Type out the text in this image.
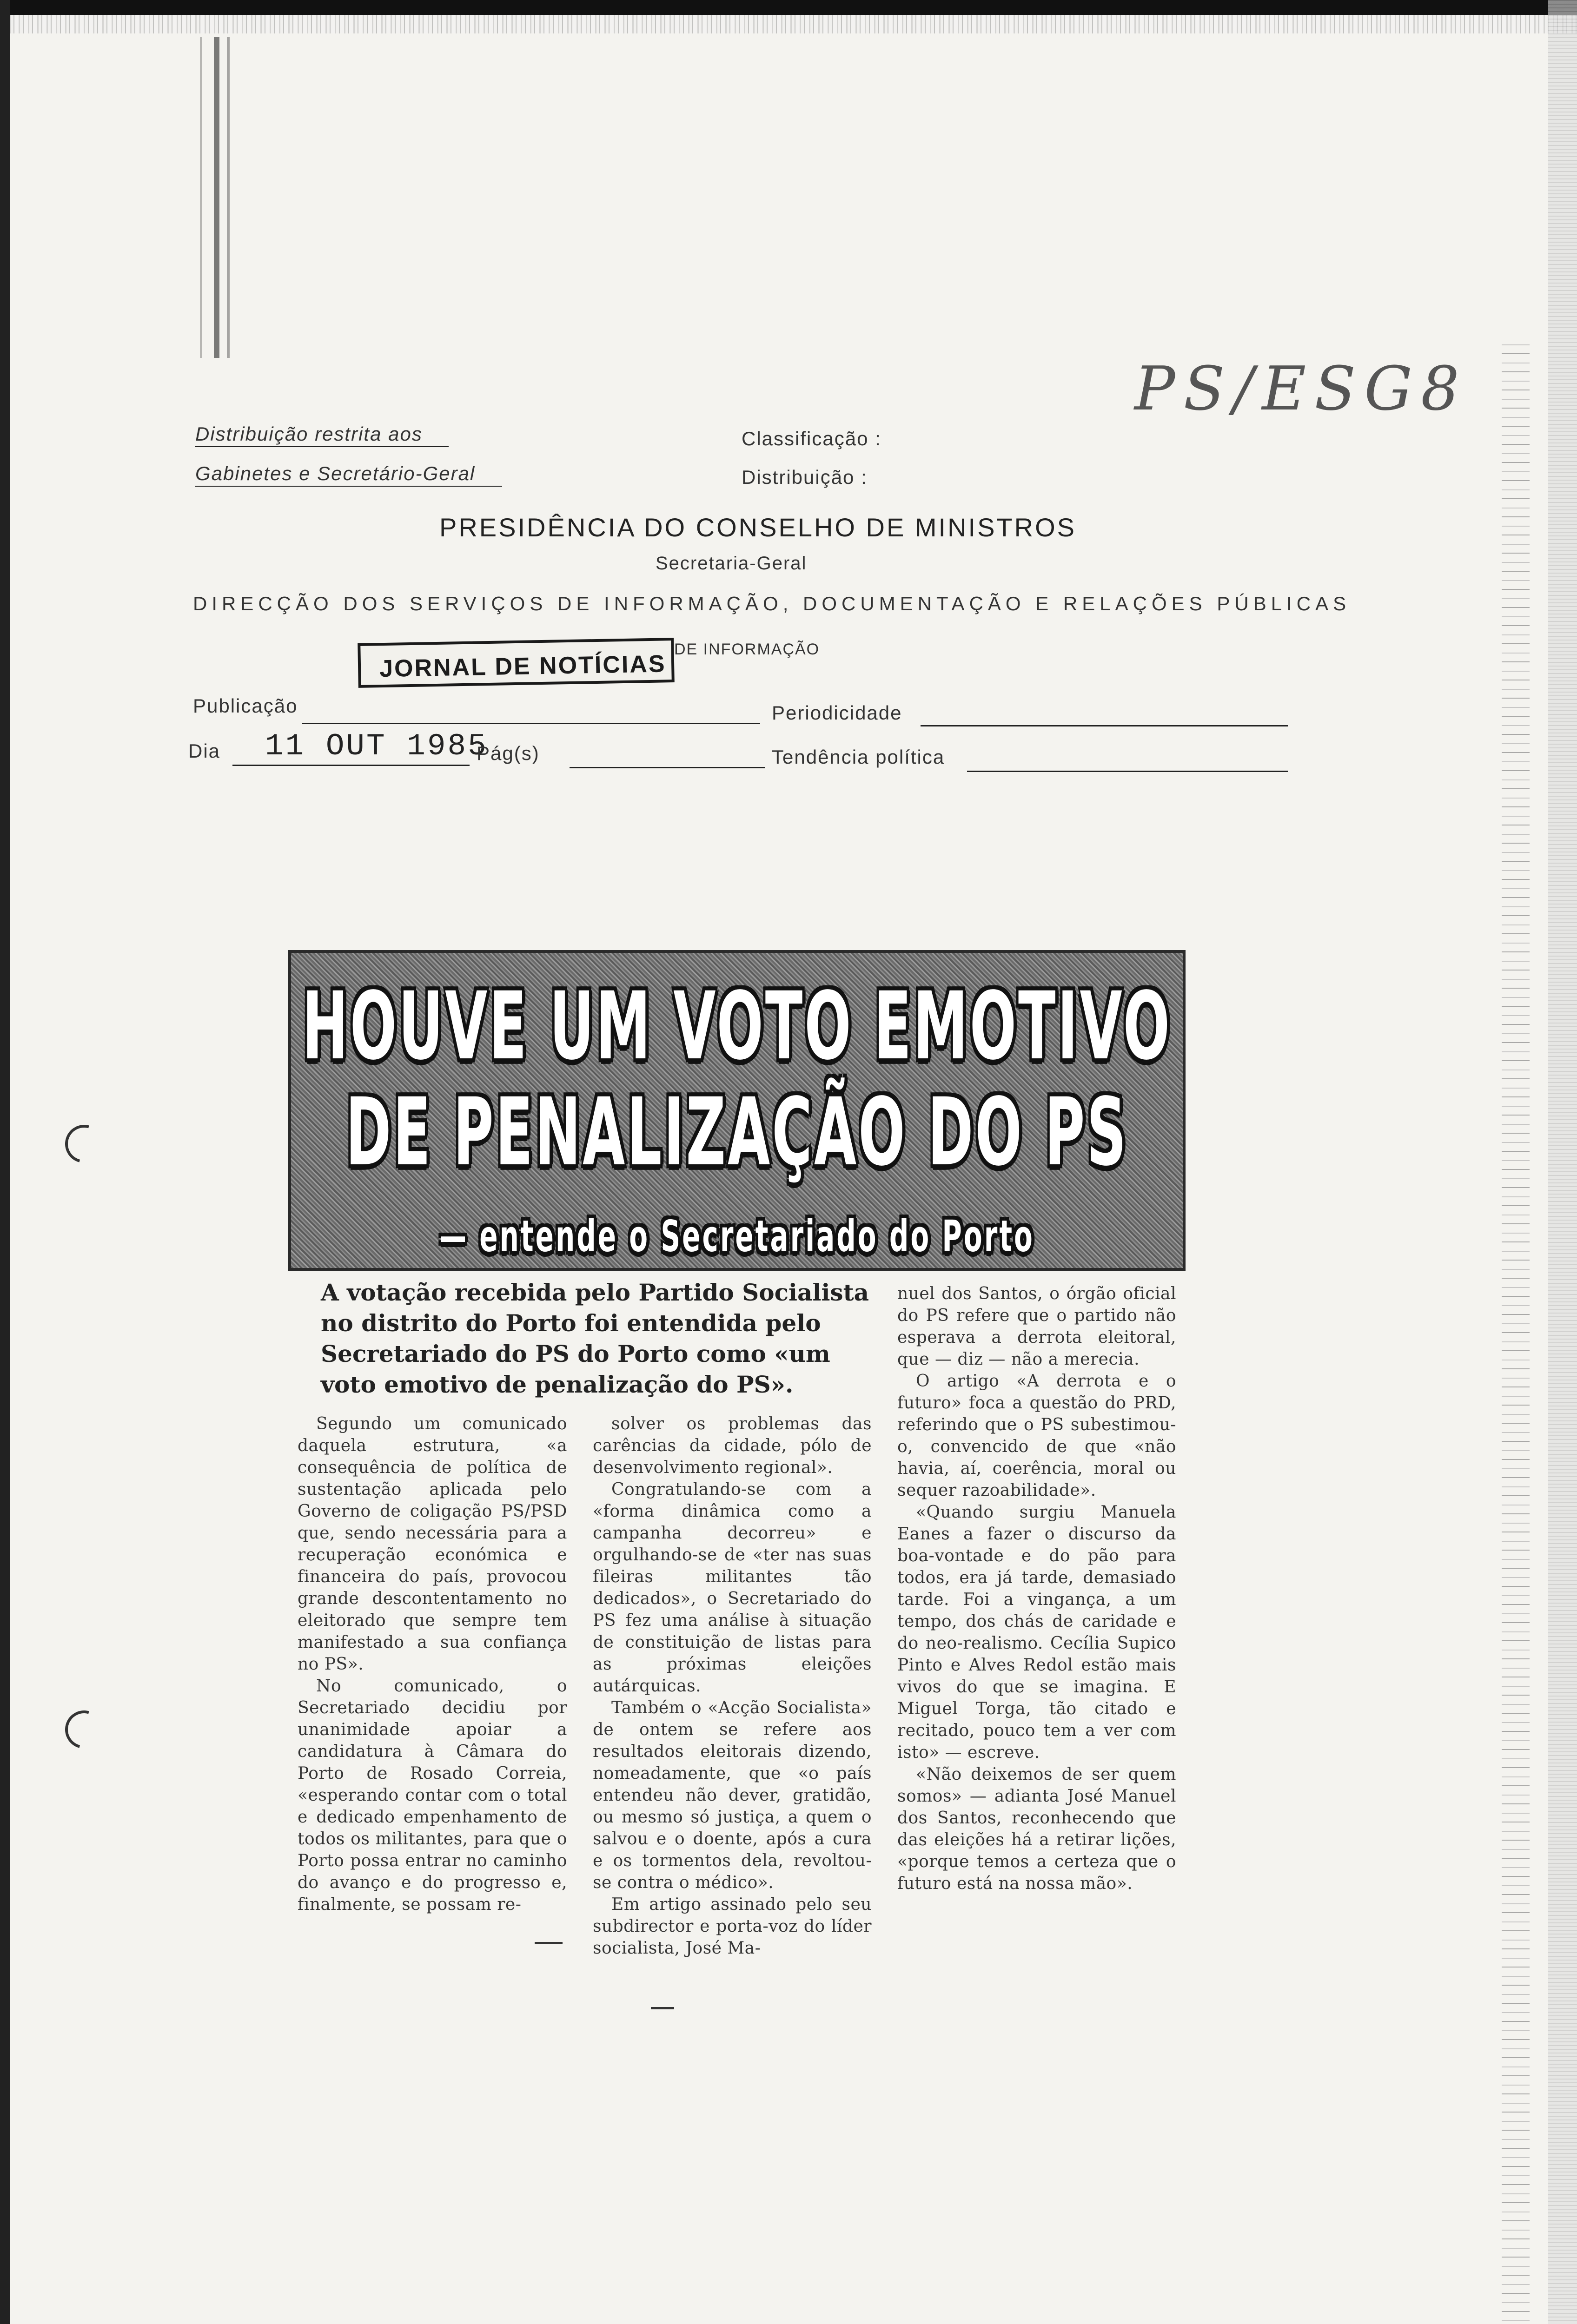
Distribuição restrita aos
Gabinetes e Secretário-Geral
Classificação :
Distribuição :
PS/ESG8
PRESIDÊNCIA DO CONSELHO DE MINISTROS
Secretaria-Geral
DIRECÇÃO DOS SERVIÇOS DE INFORMAÇÃO, DOCUMENTAÇÃO E RELAÇÕES PÚBLICAS
JORNAL DE NOTÍCIAS
DE INFORMAÇÃO
Publicação	Periodicidade
Dia 11 OUT 1985
Pág(s)	Tendência política
HOUVE UM VOTO EMOTIVO
DE PENALIZAÇÃO DO PS
— entende o Secretariado do Porto
A votação recebida pelo Partido Socialista no distrito do Porto foi entendida pelo Secretariado do PS do Porto como «um voto emotivo de penalização do PS».

Segundo um comunicado daquela estrutura, «a consequência de política de sustentação aplicada pelo Governo de coligação PS/PSD que, sendo necessária para a recuperação económica e financeira do país, provocou grande descontentamento no eleitorado que sempre tem manifestado a sua confiança no PS».

No comunicado, o Secretariado decidiu por unanimidade apoiar a candidatura à Câmara do Porto de Rosado Correia, «esperando contar com o total e dedicado empenhamento de todos os militantes, para que o Porto possa entrar no caminho do avanço e do progresso e, finalmente, se possam re-

solver os problemas das carências da cidade, pólo de desenvolvimento regional».

Congratulando-se com a «forma dinâmica como a campanha decorreu» e orgulhando-se de «ter nas suas fileiras militantes tão dedicados», o Secretariado do PS fez uma análise à situação de constituição de listas para as próximas eleições autárquicas.

Também o «Acção Socialista» de ontem se refere aos resultados eleitorais dizendo, nomeadamente, que «o país entendeu não dever, gratidão, ou mesmo só justiça, a quem o salvou e o doente, após a cura e os tormentos dela, revoltou-se contra o médico».

Em artigo assinado pelo seu subdirector e porta-voz do líder socialista, José Ma-

nuel dos Santos, o órgão oficial do PS refere que o partido não esperava a derrota eleitoral, que — diz — não a merecia.

O artigo «A derrota e o futuro» foca a questão do PRD, referindo que o PS subestimou-o, convencido de que «não havia, aí, coerência, moral ou sequer razoabilidade».

«Quando surgiu Manuela Eanes a fazer o discurso da boa-vontade e do pão para todos, era já tarde, demasiado tarde. Foi a vingança, a um tempo, dos chás de caridade e do neo-realismo. Cecília Supico Pinto e Alves Redol estão mais vivos do que se imagina. E Miguel Torga, tão citado e recitado, pouco tem a ver com isto» — escreve.

«Não deixemos de ser quem somos» — adianta José Manuel dos Santos, reconhecendo que das eleições há a retirar lições, «porque temos a certeza que o futuro está na nossa mão».
